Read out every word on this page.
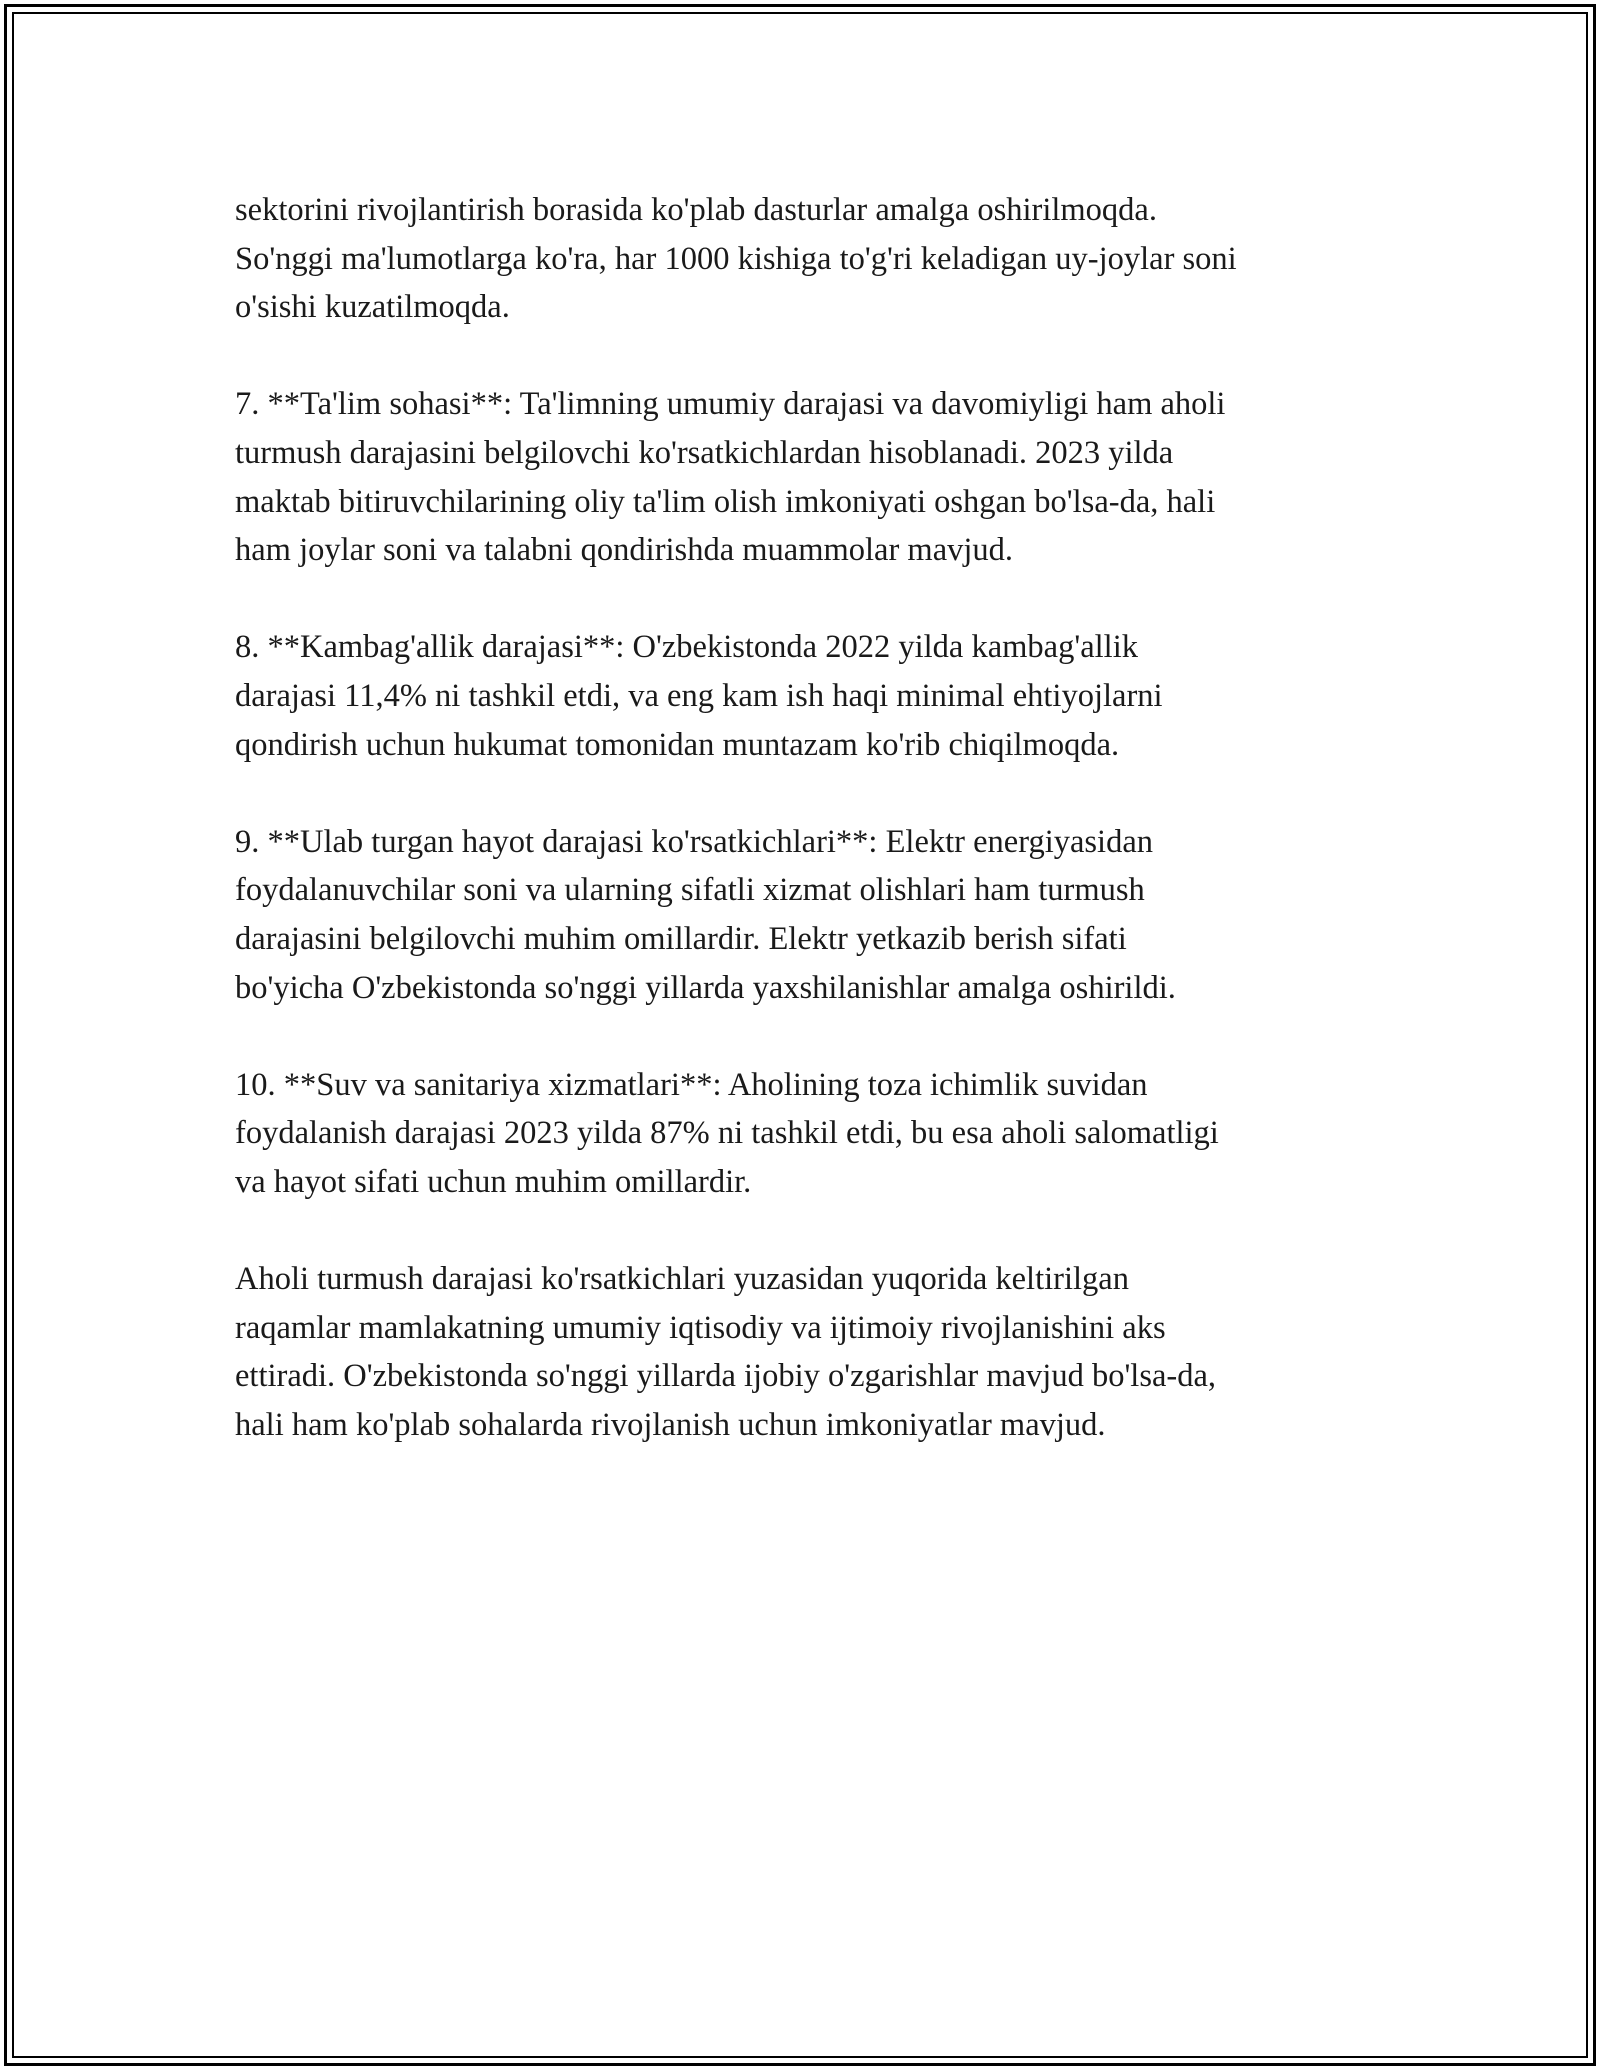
sektorini rivojlantirish borasida ko'plab dasturlar amalga oshirilmoqda.
So'nggi ma'lumotlarga ko'ra, har 1000 kishiga to'g'ri keladigan uy-joylar soni
o'sishi kuzatilmoqda.

7. **Ta'lim sohasi**: Ta'limning umumiy darajasi va davomiyligi ham aholi
turmush darajasini belgilovchi ko'rsatkichlardan hisoblanadi. 2023 yilda
maktab bitiruvchilarining oliy ta'lim olish imkoniyati oshgan bo'lsa-da, hali
ham joylar soni va talabni qondirishda muammolar mavjud.

8. **Kambag'allik darajasi**: O'zbekistonda 2022 yilda kambag'allik
darajasi 11,4% ni tashkil etdi, va eng kam ish haqi minimal ehtiyojlarni
qondirish uchun hukumat tomonidan muntazam ko'rib chiqilmoqda.

9. **Ulab turgan hayot darajasi ko'rsatkichlari**: Elektr energiyasidan
foydalanuvchilar soni va ularning sifatli xizmat olishlari ham turmush
darajasini belgilovchi muhim omillardir. Elektr yetkazib berish sifati
bo'yicha O'zbekistonda so'nggi yillarda yaxshilanishlar amalga oshirildi.

10. **Suv va sanitariya xizmatlari**: Aholining toza ichimlik suvidan
foydalanish darajasi 2023 yilda 87% ni tashkil etdi, bu esa aholi salomatligi
va hayot sifati uchun muhim omillardir.

Aholi turmush darajasi ko'rsatkichlari yuzasidan yuqorida keltirilgan
raqamlar mamlakatning umumiy iqtisodiy va ijtimoiy rivojlanishini aks
ettiradi. O'zbekistonda so'nggi yillarda ijobiy o'zgarishlar mavjud bo'lsa-da,
hali ham ko'plab sohalarda rivojlanish uchun imkoniyatlar mavjud.
